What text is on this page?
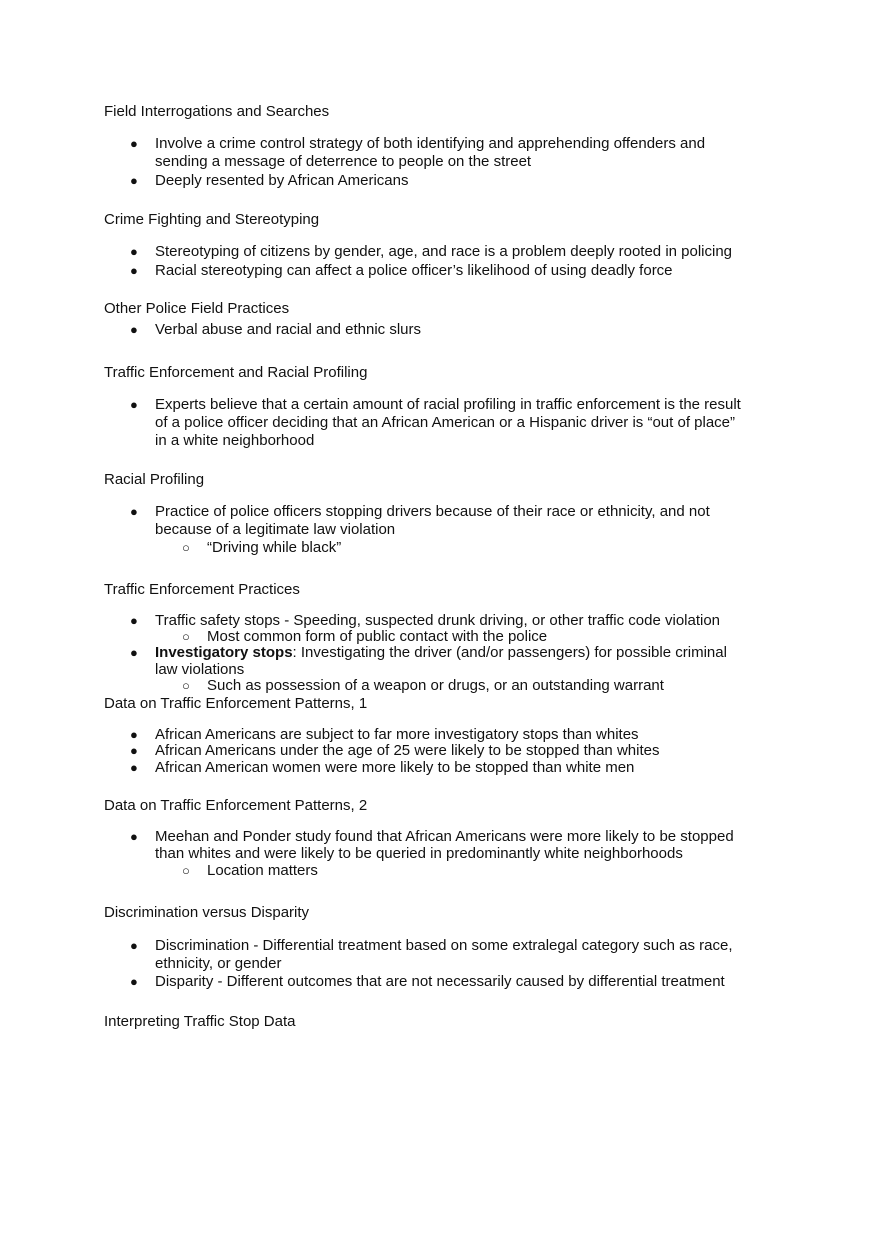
Field Interrogations and Searches
● Involve a crime control strategy of both identifying and apprehending offenders and
sending a message of deterrence to people on the street
● Deeply resented by African Americans
Crime Fighting and Stereotyping
● Stereotyping of citizens by gender, age, and race is a problem deeply rooted in policing
● Racial stereotyping can affect a police officer’s likelihood of using deadly force
Other Police Field Practices
● Verbal abuse and racial and ethnic slurs
Traffic Enforcement and Racial Profiling
● Experts believe that a certain amount of racial profiling in traffic enforcement is the result
of a police officer deciding that an African American or a Hispanic driver is “out of place”
in a white neighborhood
Racial Profiling
● Practice of police officers stopping drivers because of their race or ethnicity, and not
because of a legitimate law violation
○ “Driving while black”
Traffic Enforcement Practices
● Traffic safety stops - Speeding, suspected drunk driving, or other traffic code violation
○ Most common form of public contact with the police
● Investigatory stops: Investigating the driver (and/or passengers) for possible criminal
law violations
○ Such as possession of a weapon or drugs, or an outstanding warrant
Data on Traffic Enforcement Patterns, 1
● African Americans are subject to far more investigatory stops than whites
● African Americans under the age of 25 were likely to be stopped than whites
● African American women were more likely to be stopped than white men
Data on Traffic Enforcement Patterns, 2
● Meehan and Ponder study found that African Americans were more likely to be stopped
than whites and were likely to be queried in predominantly white neighborhoods
○ Location matters
Discrimination versus Disparity
● Discrimination - Differential treatment based on some extralegal category such as race,
ethnicity, or gender
● Disparity - Different outcomes that are not necessarily caused by differential treatment
Interpreting Traffic Stop Data
